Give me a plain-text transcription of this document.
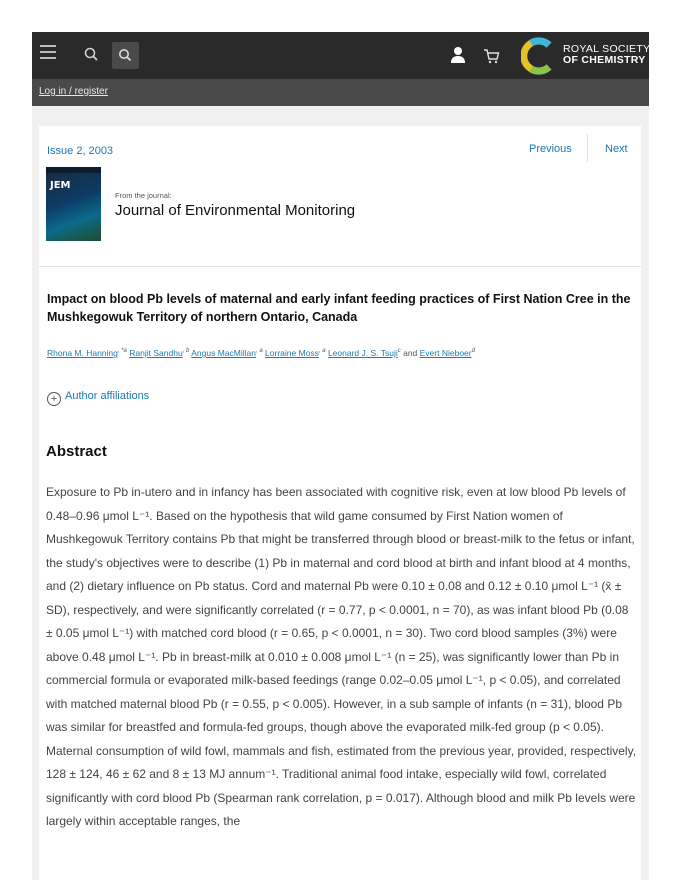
ROYAL SOCIETY
OF CHEMISTRY
Log in / register
Issue 2, 2003	Previous	Next
JEM
From the journal:
Journal of Environmental Monitoring
Impact on blood Pb levels of maternal and early infant feeding practices of First Nation Cree in the Mushkegowuk Territory of northern Ontario, Canada
Rhona M. Hanning$^{, *a}$ Ranjit Sandhu$^{, b}$ Angus MacMillan$^{, a}$ Lorraine Moss$^{, a}$ Leonard J. S. Tsuji$^c$ and Evert Nieboer$^d$
+ Author affiliations
Abstract

Exposure to Pb in-utero and in infancy has been associated with cognitive risk, even at low blood Pb levels of 0.48–0.96 μmol L⁻¹. Based on the hypothesis that wild game consumed by First Nation women of Mushkegowuk Territory contains Pb that might be transferred through blood or breast-milk to the fetus or infant, the study's objectives were to describe (1) Pb in maternal and cord blood at birth and infant blood at 4 months, and (2) dietary influence on Pb status. Cord and maternal Pb were 0.10 ± 0.08 and 0.12 ± 0.10 μmol L⁻¹ (x̄ ± SD), respectively, and were significantly correlated (r = 0.77, p < 0.0001, n = 70), as was infant blood Pb (0.08 ± 0.05 μmol L⁻¹) with matched cord blood (r = 0.65, p < 0.0001, n = 30). Two cord blood samples (3%) were above 0.48 μmol L⁻¹. Pb in breast-milk at 0.010 ± 0.008 μmol L⁻¹ (n = 25), was significantly lower than Pb in commercial formula or evaporated milk-based feedings (range 0.02–0.05 μmol L⁻¹, p < 0.05), and correlated with matched maternal blood Pb (r = 0.55, p < 0.005). However, in a sub sample of infants (n = 31), blood Pb was similar for breastfed and formula-fed groups, though above the evaporated milk-fed group (p < 0.05). Maternal consumption of wild fowl, mammals and fish, estimated from the previous year, provided, respectively, 128 ± 124, 46 ± 62 and 8 ± 13 MJ annum⁻¹. Traditional animal food intake, especially wild fowl, correlated significantly with cord blood Pb (Spearman rank correlation, p = 0.017). Although blood and milk Pb levels were largely within acceptable ranges, the
